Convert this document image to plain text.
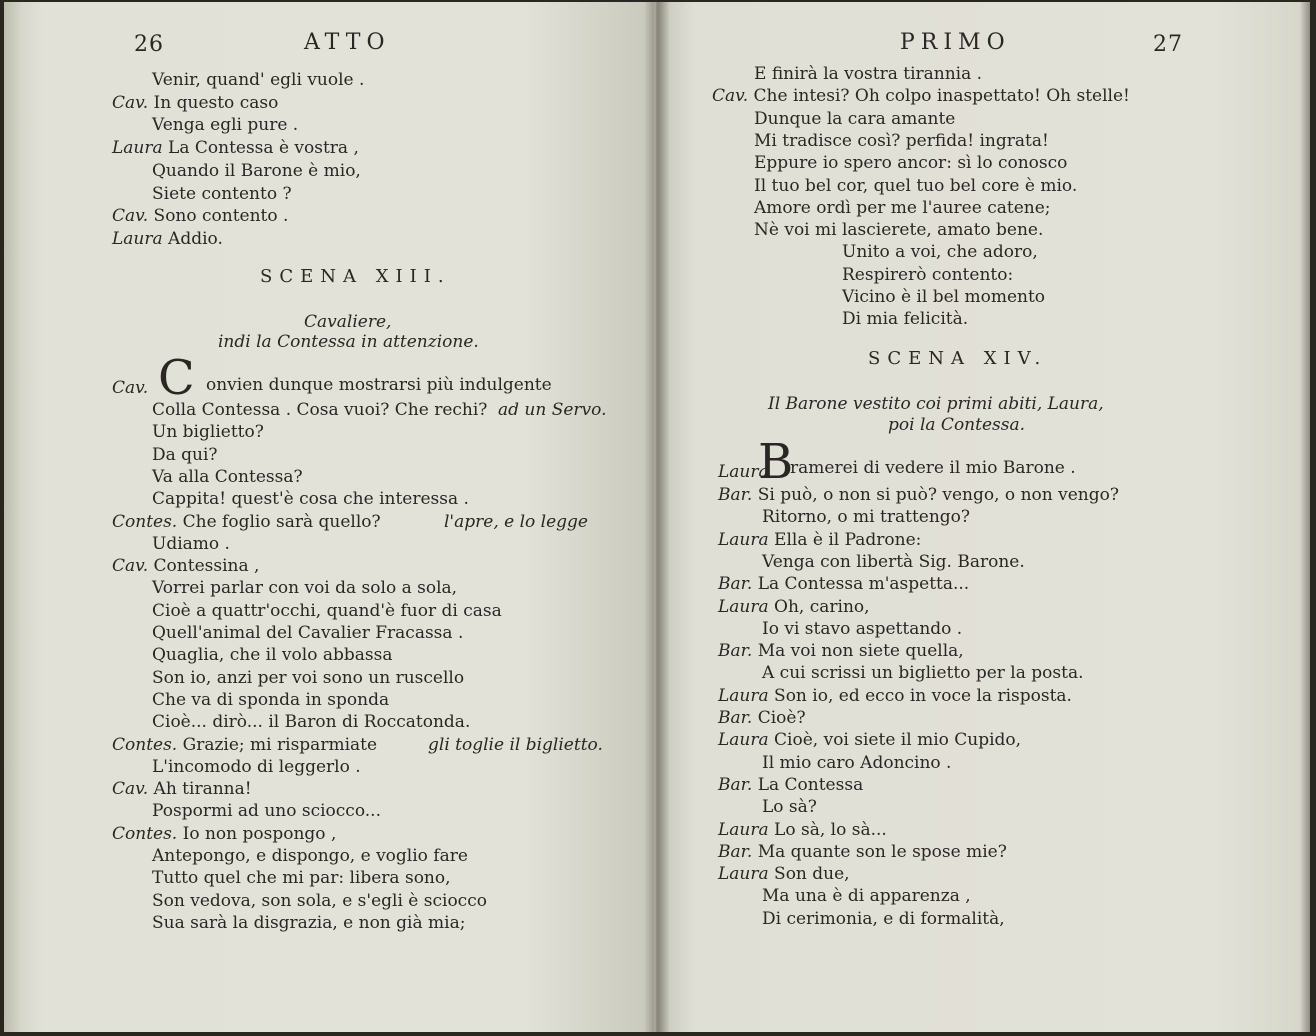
26	ATTO
Venir, quand' egli vuole .
Cav. In questo caso
Venga egli pure .
Laura La Contessa è vostra ,
Quando il Barone è mio,
Siete contento ?
Cav. Sono contento .
Laura Addio.
SCENA XIII.
Cavaliere,
indi la Contessa in attenzione.
Cav. C onvien dunque mostrarsi più indulgente
Colla Contessa . Cosa vuoi? Che rechi? ad un Servo.
Un biglietto?
Da qui?
Va alla Contessa?
Cappita! quest'è cosa che interessa .
Contes. Che foglio sarà quello?	l'apre, e lo legge
Udiamo .
Cav. Contessina ,
Vorrei parlar con voi da solo a sola,
Cioè a quattr'occhi, quand'è fuor di casa
Quell'animal del Cavalier Fracassa .
Quaglia, che il volo abbassa
Son io, anzi per voi sono un ruscello
Che va di sponda in sponda
Cioè... dirò... il Baron di Roccatonda.
Contes. Grazie; mi risparmiate	gli toglie il biglietto.
L'incomodo di leggerlo .
Cav. Ah tiranna!
Pospormi ad uno sciocco...
Contes. Io non pospongo ,
Antepongo, e dispongo, e voglio fare
Tutto quel che mi par: libera sono,
Son vedova, son sola, e s'egli è sciocco
Sua sarà la disgrazia, e non già mia;
PRIMO	27
E finirà la vostra tirannia .
Cav. Che intesi? Oh colpo inaspettato! Oh stelle!
Dunque la cara amante
Mi tradisce così? perfida! ingrata!
Eppure io spero ancor: sì lo conosco
Il tuo bel cor, quel tuo bel core è mio.
Amore ordì per me l'auree catene;
Nè voi mi lascierete, amato bene.
Unito a voi, che adoro,
Respirerò contento:
Vicino è il bel momento
Di mia felicità.
SCENA XIV.
Il Barone vestito coi primi abiti, Laura,
poi la Contessa.
Laura
B
ramerei di vedere il mio Barone .
Bar. Si può, o non si può? vengo, o non vengo?
Ritorno, o mi trattengo?
Laura Ella è il Padrone:
Venga con libertà Sig. Barone.
Bar. La Contessa m'aspetta...
Laura Oh, carino,
Io vi stavo aspettando .
Bar. Ma voi non siete quella,
A cui scrissi un biglietto per la posta.
Laura Son io, ed ecco in voce la risposta.
Bar. Cioè?
Laura Cioè, voi siete il mio Cupido,
Il mio caro Adoncino .
Bar. La Contessa
Lo sà?
Laura Lo sà, lo sà...
Bar. Ma quante son le spose mie?
Laura Son due,
Ma una è di apparenza ,
Di cerimonia, e di formalità,
